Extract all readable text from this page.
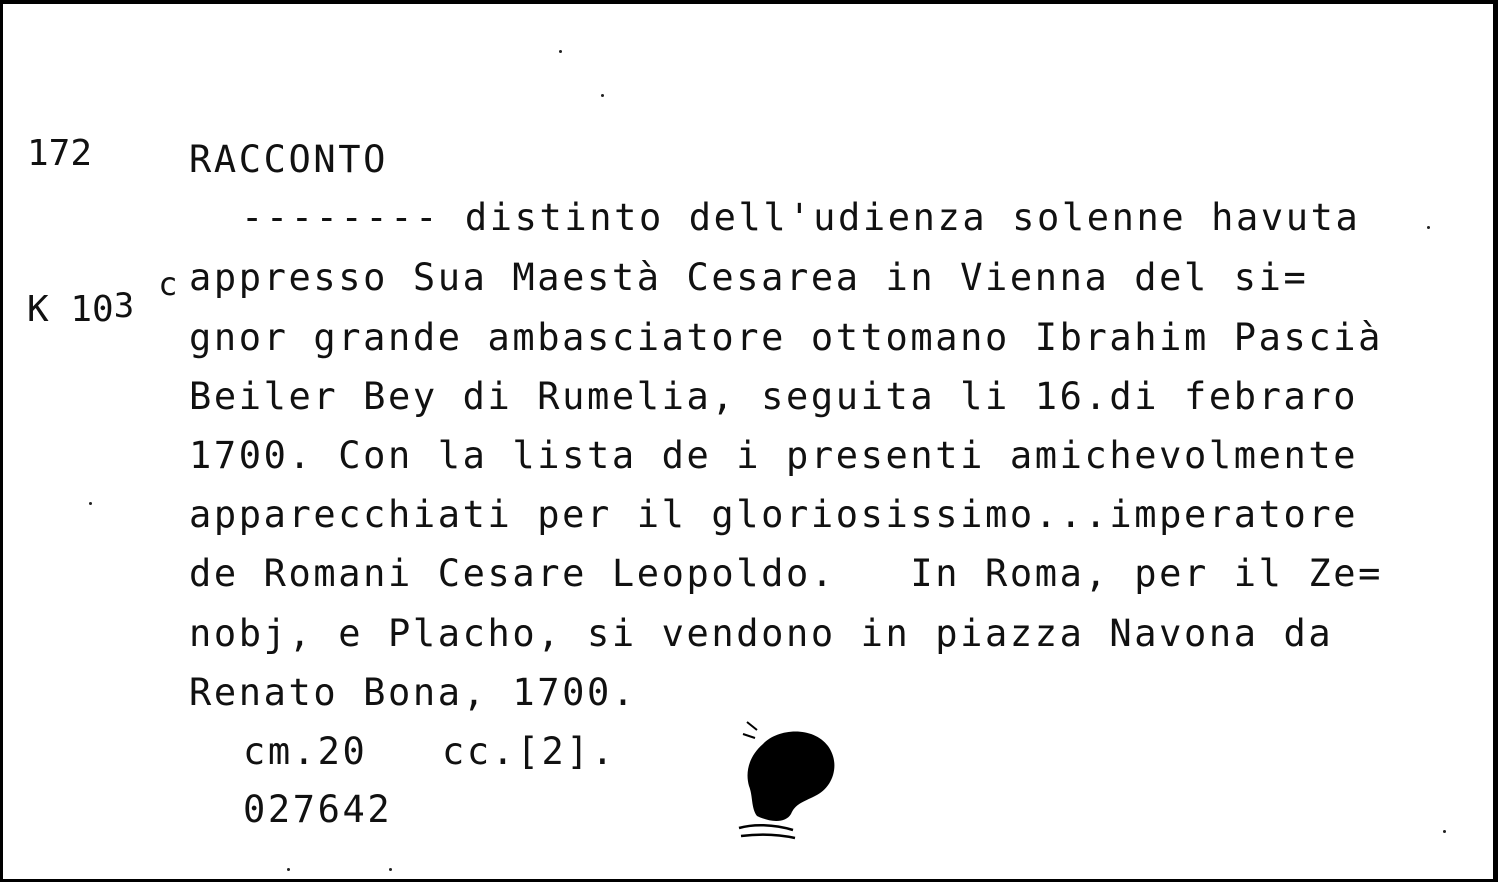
172

K $10^3c$

RACCONTO
-------- distinto dell'udienza solenne havuta
appresso Sua Maestà Cesarea in Vienna del si=
gnor grande ambasciatore ottomano Ibrahim Pascià
Beiler Bey di Rumelia, seguita li 16.di febraro
1700. Con la lista de i presenti amichevolmente
apparecchiati per il gloriosissimo...imperatore
de Romani Cesare Leopoldo.   In Roma, per il Ze=
nobj, e Placho, si vendono in piazza Navona da
Renato Bona, 1700.
cm.20   cc.[2].
027642
